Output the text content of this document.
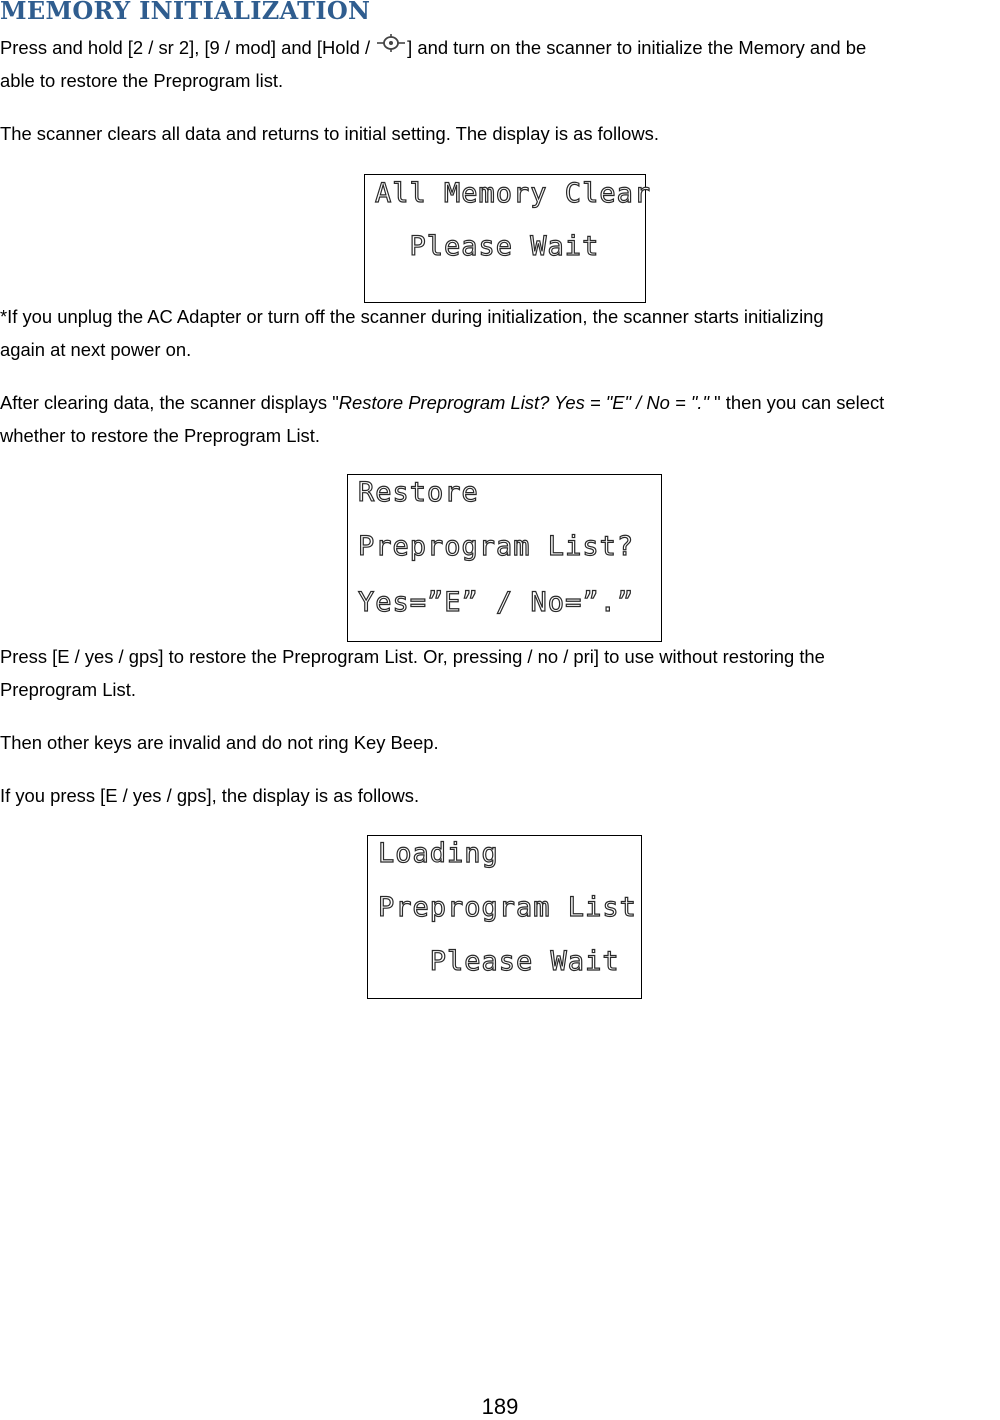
MEMORY INITIALIZATION

Press and hold [2 / sr 2], [9 / mod] and [Hold / ] and turn on the scanner to initialize the Memory and be
able to restore the Preprogram list.

The scanner clears all data and returns to initial setting. The display is as follows.

All Memory Clear
Please Wait

*If you unplug the AC Adapter or turn off the scanner during initialization, the scanner starts initializing
again at next power on.

After clearing data, the scanner displays "Restore Preprogram List? Yes = "E" / No = "." " then you can select
whether to restore the Preprogram List.

Restore
Preprogram List?
Yes=”E” / No=”.”

Press [E / yes / gps] to restore the Preprogram List. Or, pressing / no / pri] to use without restoring the
Preprogram List.

Then other keys are invalid and do not ring Key Beep.

If you press [E / yes / gps], the display is as follows.

Loading
Preprogram List
Please Wait
189
